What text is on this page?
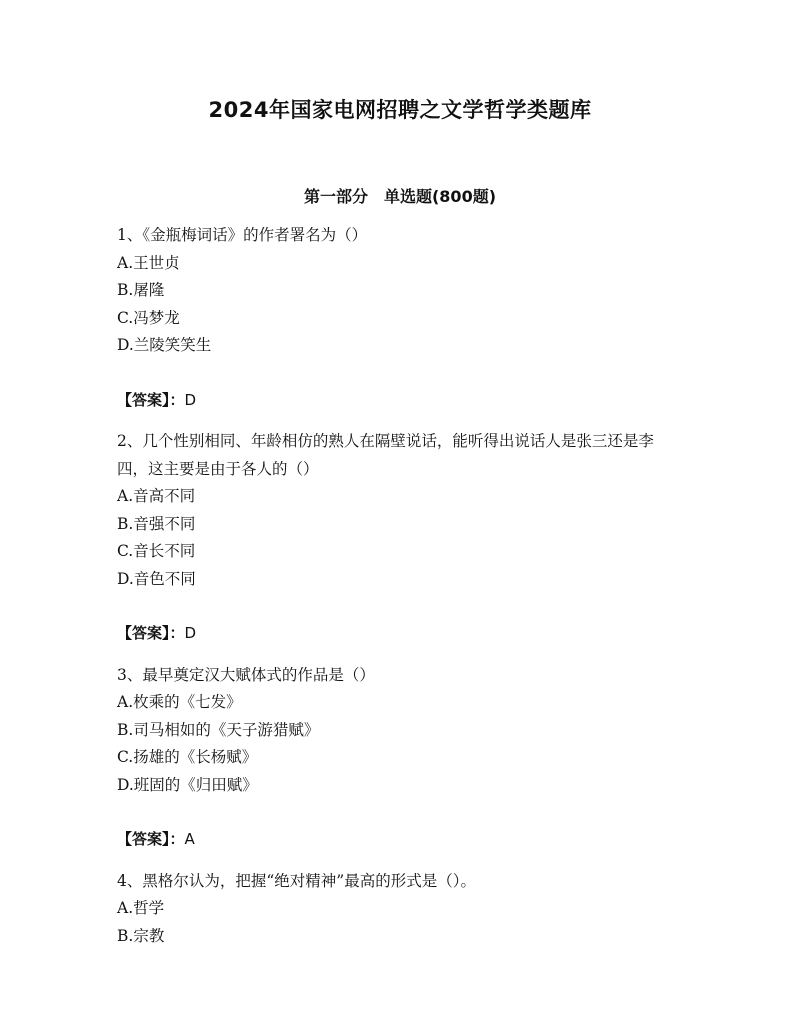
2024年国家电网招聘之文学哲学类题库
第一部分　单选题(800题)

1、《金瓶梅词话》的作者署名为（）

A.王世贞
B.屠隆
C.冯梦龙
D.兰陵笑笑生

【答案】：D

2、几个性别相同、年龄相仿的熟人在隔壁说话，能听得出说话人是张三还是李四，这主要是由于各人的（）

A.音高不同
B.音强不同
C.音长不同
D.音色不同

【答案】：D

3、最早奠定汉大赋体式的作品是（）

A.枚乘的《七发》
B.司马相如的《天子游猎赋》
C.扬雄的《长杨赋》
D.班固的《归田赋》

【答案】：A

4、黑格尔认为，把握“绝对精神”最高的形式是（）。

A.哲学
B.宗教
